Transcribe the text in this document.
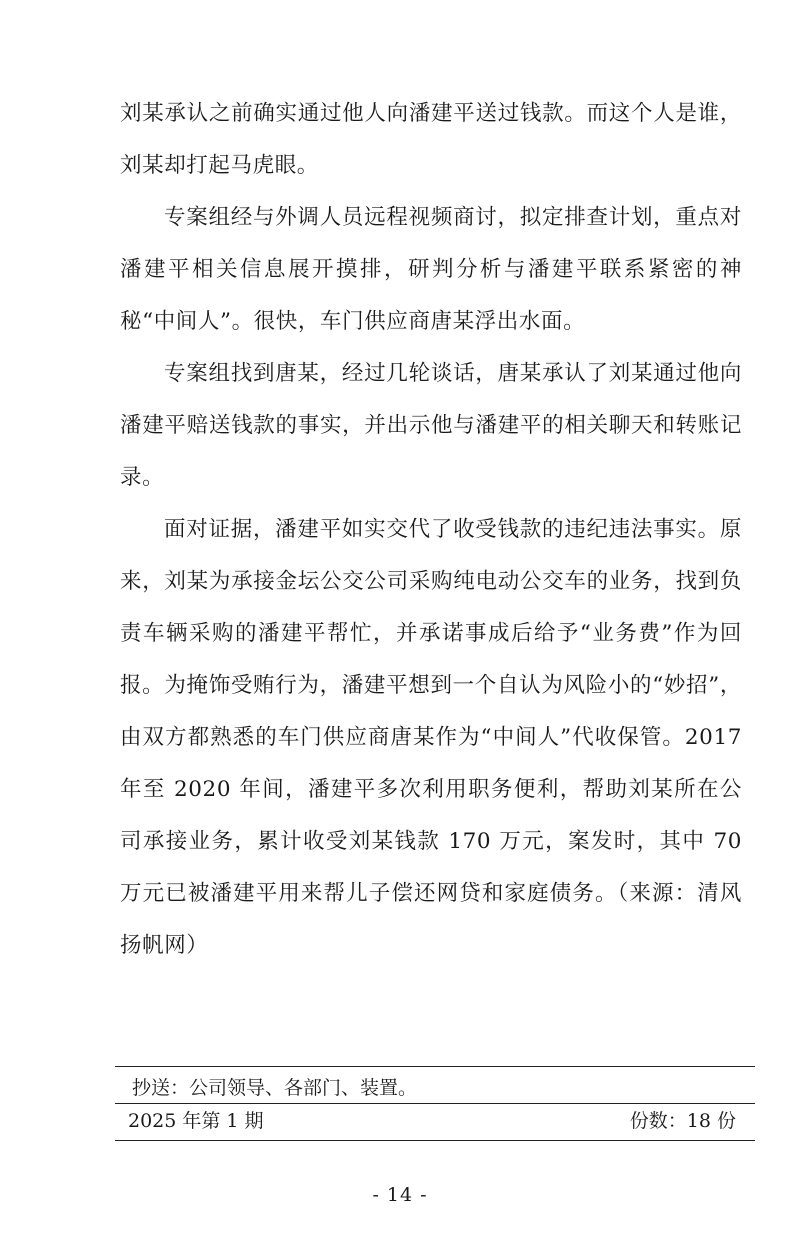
刘某承认之前确实通过他人向潘建平送过钱款。而这个人是谁，刘某却打起马虎眼。

专案组经与外调人员远程视频商讨，拟定排查计划，重点对潘建平相关信息展开摸排，研判分析与潘建平联系紧密的神秘“中间人”。很快，车门供应商唐某浮出水面。

专案组找到唐某，经过几轮谈话，唐某承认了刘某通过他向潘建平赔送钱款的事实，并出示他与潘建平的相关聊天和转账记录。

面对证据，潘建平如实交代了收受钱款的违纪违法事实。原来，刘某为承接金坛公交公司采购纯电动公交车的业务，找到负责车辆采购的潘建平帮忙，并承诺事成后给予“业务费”作为回报。为掩饰受贿行为，潘建平想到一个自认为风险小的“妙招”，由双方都熟悉的车门供应商唐某作为“中间人”代收保管。2017 年至 2020 年间，潘建平多次利用职务便利，帮助刘某所在公司承接业务，累计收受刘某钱款 170 万元，案发时，其中 70 万元已被潘建平用来帮儿子偿还网贷和家庭债务。（来源：清风扬帆网）

抄送：公司领导、各部门、装置。
2025 年第 1 期	份数：18 份
- 14 -
